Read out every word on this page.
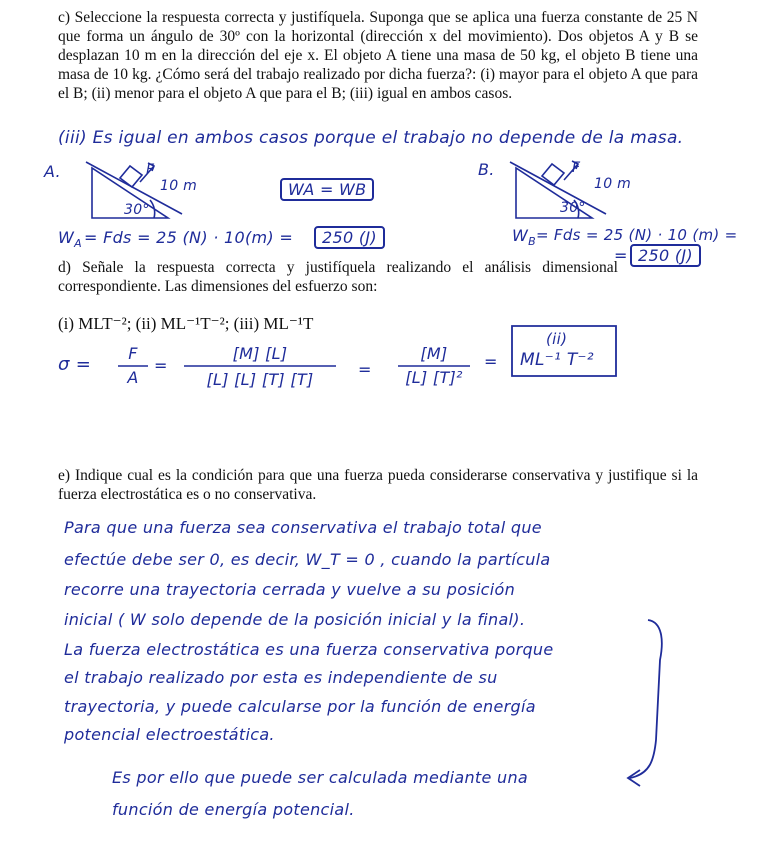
c) Seleccione la respuesta correcta y justifíquela. Suponga que se aplica una fuerza constante de 25 N que forma un ángulo de 30º con la horizontal (dirección x del movimiento). Dos objetos A y B se desplazan 10 m en la dirección del eje x. El objeto A tiene una masa de 50 kg, el objeto B tiene una masa de 10 kg. ¿Cómo será del trabajo realizado por dicha fuerza?: (i) mayor para el objeto A que para el B; (ii) menor para el objeto A que para el B; (iii) igual en ambos casos.
(iii) Es igual en ambos casos porque el trabajo no depende de la masa.
A.	F
10 m
30°
WA = WB
B.	F
10 m
30°
$W_A$ = Fds = 25 (N) · 10(m) =	250 (J)	$W_B$ = Fds = 25 (N) · 10 (m) =
= 250 (J)
d) Señale la respuesta correcta y justifíquela realizando el análisis dimensional correspondiente. Las dimensiones del esfuerzo son:
(i) MLT⁻²; (ii) ML⁻¹T⁻²; (iii) ML⁻¹T
σ =
F
A
=
[M] [L]
[L] [L] [T] [T]
=
[M]
[L] [T]²
=
(ii)
ML⁻¹ T⁻²
e) Indique cual es la condición para que una fuerza pueda considerarse conservativa y justifique si la fuerza electrostática es o no conservativa.
Para que una fuerza sea conservativa el trabajo total que
efectúe debe ser 0, es decir, W_T = 0 , cuando la partícula
recorre una trayectoria cerrada y vuelve a su posición
inicial ( W solo depende de la posición inicial y la final).
La fuerza electrostática es una fuerza conservativa porque
el trabajo realizado por esta es independiente de su
trayectoria, y puede calcularse por la función de energía
potencial electroestática.
Es por ello que puede ser calculada mediante una
función de energía potencial.
